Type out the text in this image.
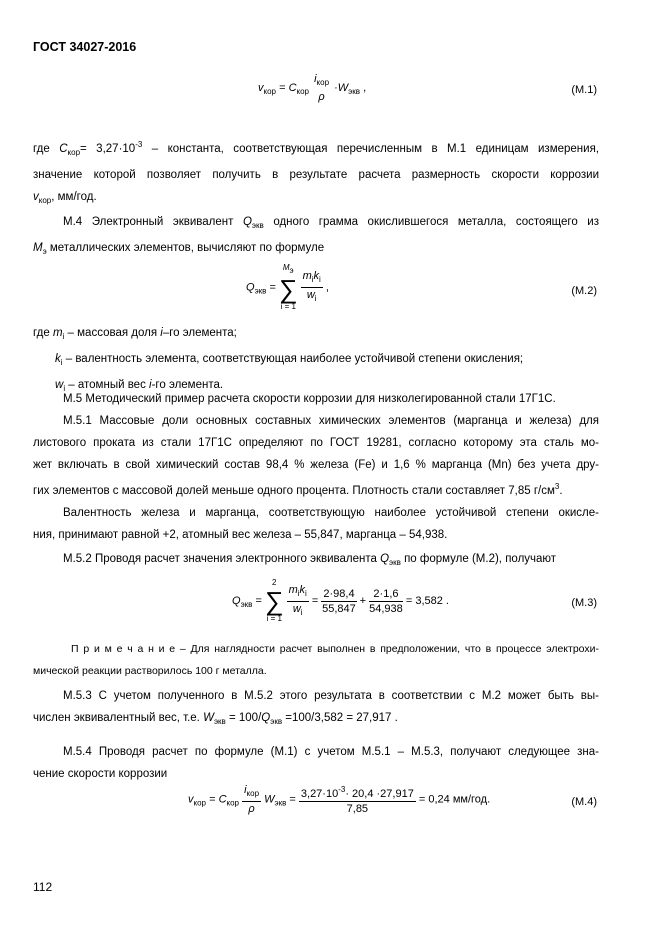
ГОСТ 34027-2016
$v_{кор} = C_{кор}$
$i_{кор}$
ρ
$\cdot W_{экв}$ ,	(М.1)
где $С_{кор}= 3,27\cdot 10^{-3}$ – константа, соответствующая перечисленным в М.1 единицам измерения,
значение которой позволяет получить в результате расчета размерность скорости коррозии
$v_{кор}$, мм/год.
М.4 Электронный эквивалент $Q_{экв}$ одного грамма окислившегося металла, состоящего из
$М_э$ металлических элементов, вычисляют по формуле
$Q_{экв}$ =
$М_э$
∑
i = 1

$\frac{m_ik_i}{w_i}$ ,	(М.2)
где $m_i$ – массовая доля i–го элемента;
$k_i$ – валентность элемента, соответствующая наиболее устойчивой степени окисления;
$w_i$ – атомный вес i-го элемента.
М.5 Методический пример расчета скорости коррозии для низколегированной стали 17Г1С.
М.5.1 Массовые доли основных составных химических элементов (марганца и железа) для
листового проката из стали 17Г1С определяют по ГОСТ 19281, согласно которому эта сталь мо-
жет включать в свой химический состав 98,4 % железа (Fe) и 1,6 % марганца (Mn) без учета дру-
гих элементов с массовой долей меньше одного процента. Плотность стали составляет 7,85 $г/см^3$.
Валентность железа и марганца, соответствующую наиболее устойчивой степени окисле-
ния, принимают равной +2, атомный вес железа – 55,847, марганца – 54,938.
М.5.2 Проводя расчет значения электронного эквивалента $Q_{экв}$ по формуле (М.2), получают
$Q_{экв}$ =
2
∑
i = 1
$\frac{m_ik_i}{w_i} = \frac{2\cdot 98,4}{55,847} + \frac{2\cdot 1,6}{54,938} = 3,582$ .	(М.3)
П р и м е ч а н и е – Для наглядности расчет выполнен в предположении, что в процессе электрохи-
мической реакции растворилось 100 г металла.
М.5.3 С учетом полученного в М.5.2 этого результата в соответствии с М.2 может быть вы-
числен эквивалентный вес, т.е. $W_{экв} = 100/Q_{экв} =100/3,582 = 27,917$ .
М.5.4 Проводя расчет по формуле (М.1) с учетом М.5.1 – М.5.3, получают следующее зна-
чение скорости коррозии
$v_{кор} = C_{кор} \frac{i_{кор}}{\rho} W_{экв} = \frac{3,27\cdot 10^{-3}\cdot 20,4 \cdot 27,917}{7,85} = 0,24$ мм/год.	(М.4)
112
